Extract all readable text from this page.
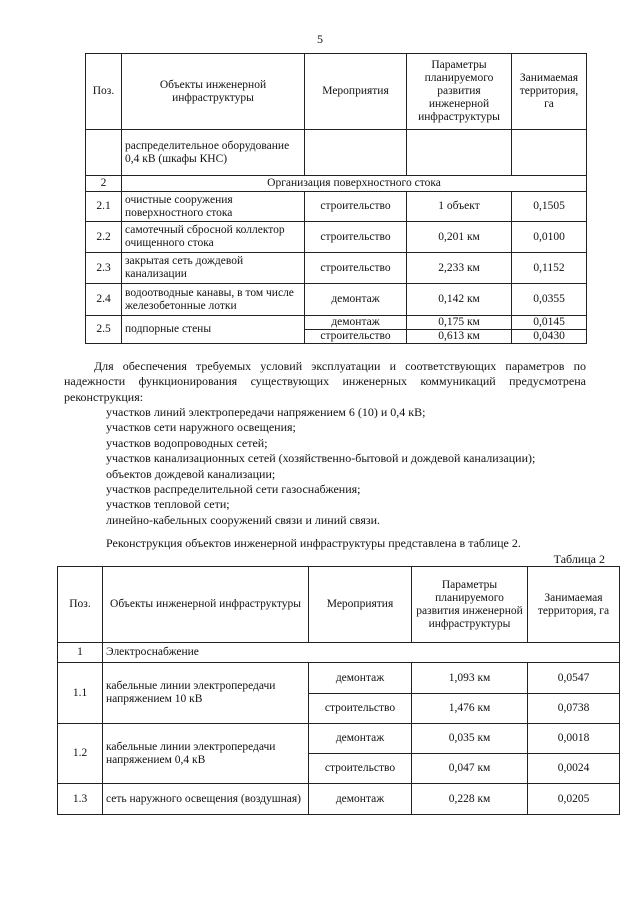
5
Поз.	Объекты инженерной инфраструктуры	Мероприятия	Параметры планируемого развития инженерной инфраструктуры	Занимаемая территория, га
	распределительное оборудование 0,4 кВ (шкафы КНС)			
2	Организация поверхностного стока			
2.1	очистные сооружения поверхностного стока	строительство	1 объект	0,1505
2.2	самотечный сбросной коллектор очищенного стока	строительство	0,201 км	0,0100
2.3	закрытая сеть дождевой канализации	строительство	2,233 км	0,1152
2.4	водоотводные канавы, в том числе железобетонные лотки	демонтаж	0,142 км	0,0355
2.5	подпорные стены	демонтаж	0,175 км	0,0145
		строительство	0,613 км	0,0430
Для обеспечения требуемых условий эксплуатации и соответствующих параметров по надежности функционирования существующих инженерных коммуникаций предусмотрена реконструкция:
участков линий электропередачи напряжением 6 (10) и 0,4 кВ;
участков сети наружного освещения;
участков водопроводных сетей;
участков канализационных сетей (хозяйственно-бытовой и дождевой канализации);
объектов дождевой канализации;
участков распределительной сети газоснабжения;
участков тепловой сети;
линейно-кабельных сооружений связи и линий связи.
Реконструкция объектов инженерной инфраструктуры представлена в таблице 2.
Таблица 2
Поз.	Объекты инженерной инфраструктуры	Мероприятия	Параметры планируемого развития инженерной инфраструктуры	Занимаемая территория, га
1	Электроснабжение			
1.1	кабельные линии электропередачи напряжением 10 кВ	демонтаж	1,093 км	0,0547
		строительство	1,476 км	0,0738
1.2	кабельные линии электропередачи напряжением 0,4 кВ	демонтаж	0,035 км	0,0018
		строительство	0,047 км	0,0024
1.3	сеть наружного освещения (воздушная)	демонтаж	0,228 км	0,0205
